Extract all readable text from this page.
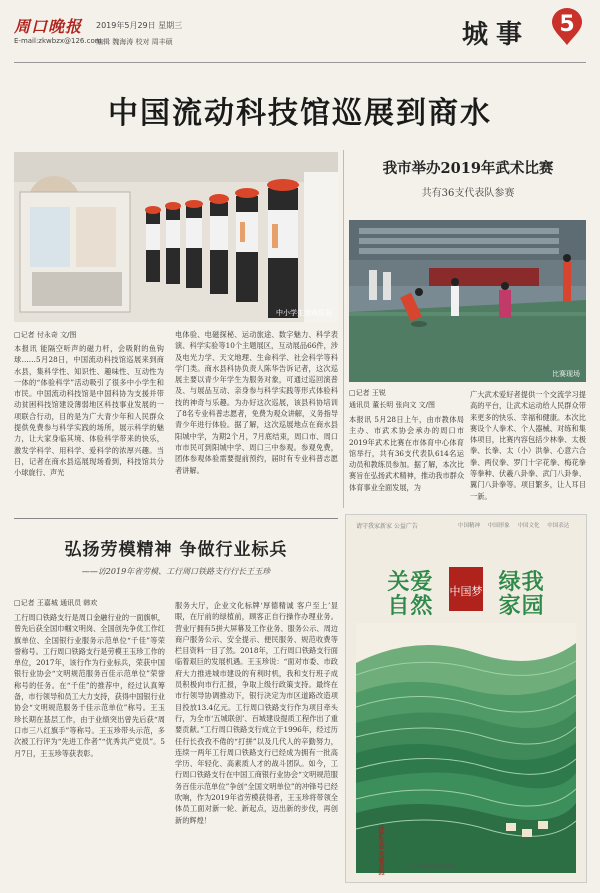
周口晚报 2019年5月29日 星期三
E-mail:zkwbzx@126.com
编辑 魏海涛 校对 周丰硕	城事	5
中国流动科技馆巡展到商水
中小学生参观巡展
□记者 付永奇 文/图
本报讯 能隔空听声的磁力杆，会吸附的鱼钩球……5月28日，中国流动科技馆巡展来到商水县，集科学性、知识性、趣味性、互动性为一体的“体验科学”活动吸引了很多中小学生和市民。中国流动科技馆是中国科协为支援并带动贫困科技馆建设薄弱地区科技事业发展的一项联合行动，目的是为广大青少年和人民群众提供免费参与科学实践的场所，展示科学的魅力，让大家身临其境、体验科学带来的快乐，激发学科学、用科学、爱科学的浓厚兴趣。当日，记者在商水县巡展现场看到，科技馆共分小球旋行、声光
电体验、电磁探秘、运动旅途、数字魅力、科学表演、科学实验等10个主题展区，互动展品66件，涉及电光力学、天文地理、生命科学、社会科学等科学门类。商水县科协负责人陈华告诉记者，这次巡展主要以青少年学生为服务对象，可通过巡回演普及、与展品互动、亲身参与科学实践等形式体验科技的神奇与乐趣。为办好这次巡展，该县科协培训了8名专业科普志愿者，免费为观众讲解，义务指导青少年进行体验。据了解，这次巡展地点在商水县阳城中学，为期2个月，7月底结束，周口市、周口市市民可到阳城中学、周口三中参观。参观免费，团体参观体验需要提前预约，届时有专业科普志愿者讲解。
我市举办2019年武术比赛
共有36支代表队参赛
比赛现场
□记者 王锐
通讯员 董长明 张向文 文/图
本报讯 5月28日上午，由市教体局主办、市武术协会承办的周口市2019年武术比赛在市体育中心体育馆举行，共有36支代表队614名运动员和教练员参加。据了解，本次比赛旨在弘扬武术精神，推动我市群众体育事业全面发展，为
广大武术爱好者提供一个交流学习提高的平台，让武术运动给人民群众带来更多的快乐、幸福和健康。本次比赛设个人拳术、个人器械、对练和集体项目，比赛内容包括少林拳、太极拳、长拳、太（小）洪拳、心意六合拳、两仪拳、罗门十字花拳、梅花拳等拳种、伏羲八卦拳、武门八卦拳、翼门八卦拳等。项目繁多，让人耳目一新。
弘扬劳模精神 争做行业标兵
——访2019年省劳模、工行周口铁路支行行长王玉珍
□记者 王嘉城 通讯员 韩欢
工行周口铁路支行是周口金融行业的一面旗帜，曾先后获全国巾帼文明岗、全国创先争优工作红旗单位、全国银行业服务示范单位“千佳”等荣誉称号。工行周口铁路支行是劳模王玉珍工作的单位，2017年，该行作为行业标兵，荣获中国银行业协会“文明规范服务百佳示范单位”荣誉称号的任务。在“千佳”的推荐中，经过认真筹备，市行领导和员工大力支持，获得中国银行业协会“文明规范服务千佳示范单位”称号。王玉珍长期在基层工作，由于业绩突出曾先后获“周口市三八红旗手”等称号。王玉珍带头示范，多次被工行评为“先进工作者”“优秀共产党员”。5月7日，王玉珍等获表彰。
服务大厅，企业文化标牌‘厚德精诚 客户至上’显眼，在厅前的绿植前，顾客正自行操作办理业务。营业厅拥有5拼大屏幕及工作业务、服务公示、周边商户服务公示、安全提示、便民服务、规范收费等栏目资料一目了然。2018年，工行周口铁路支行面临着艰巨的发展机遇。王玉珍说：“面对市委、市政府大力推进城市建设的有利时机，我和支行班子成员积极向市行汇报，争取上级行政策支持。最终在市行领导协调推动下，银行决定为市区道路改造项目投放13.4亿元。工行周口铁路支行作为项目牵头行，为全市‘五城联创’、百城建设提质工程作出了重要贡献。”工行周口铁路支行成立于1996年，经过历任行长孜孜不倦的“打拼”以及几代人的辛勤努力，连续一两年工行周口铁路支行已经成为拥有一批高学历、年轻化、高素质人才的战斗团队。如今，工行周口铁路支行在中国工商银行业协会“文明规范服务百佳示范单位”争创“全国文明单位”的冲锋号已经吹响，作为2019年省劳模获得者，王玉珍将带领全体员工面对新一轮、新起点，迈出新的步伐，再创新的辉煌！
请守我家新家 公益广告	中国精神 中国形象 中国文化 中国表达
关爱	绿我
自然	家园
中国梦
保护生态 关爱自然	周口晚报文明委宣
